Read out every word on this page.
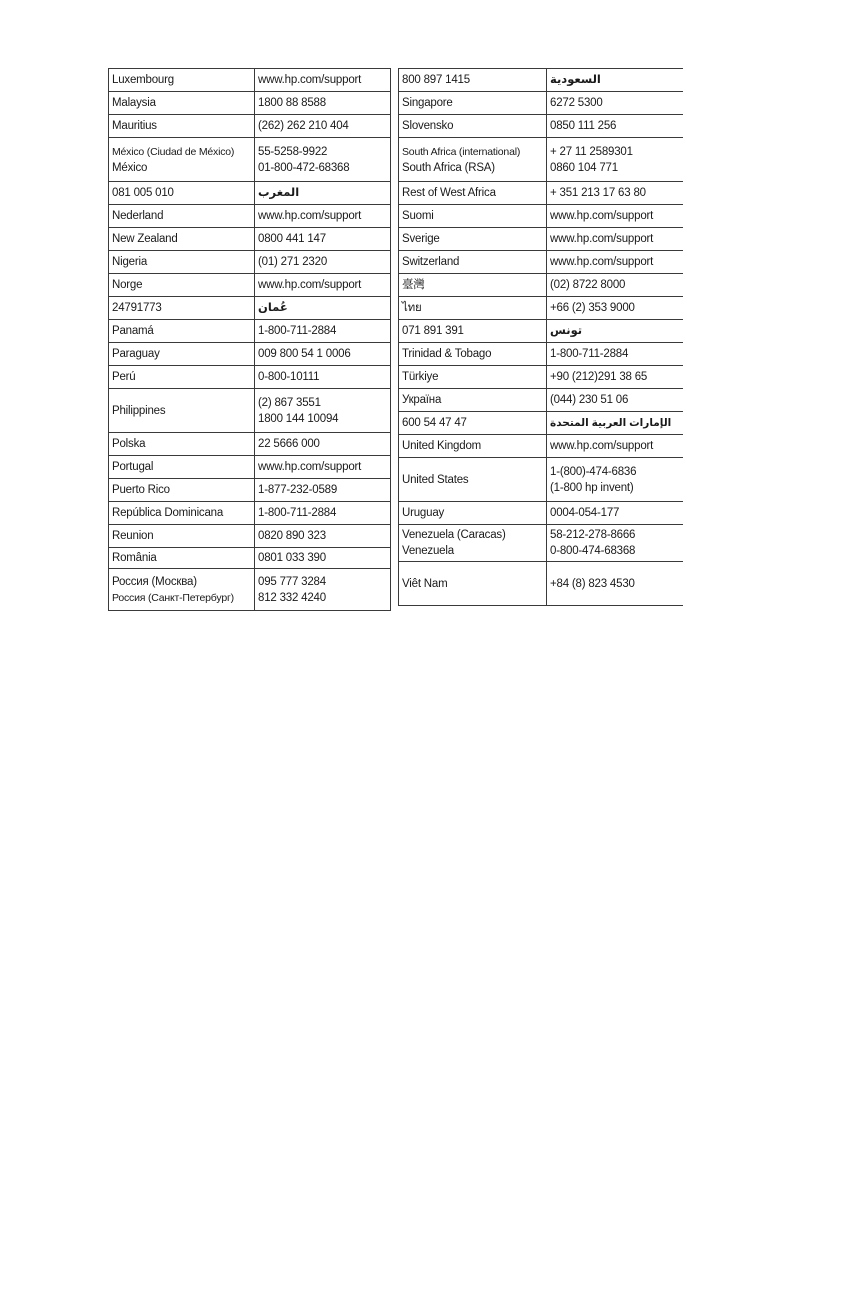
Luxembourg	www.hp.com/support

Malaysia	1800 88 8588

Mauritius	(262) 262 210 404

México (Ciudad de México)
México	55-5258-9922
01-800-472-68368

081 005 010	المغرب

Nederland	www.hp.com/support

New Zealand	0800 441 147

Nigeria	(01) 271 2320

Norge	www.hp.com/support

24791773	عُمان

Panamá	1-800-711-2884

Paraguay	009 800 54 1 0006

Perú	0-800-10111

Philippines	(2) 867 3551
1800 144 10094

Polska	22 5666 000

Portugal	www.hp.com/support

Puerto Rico	1-877-232-0589

República Dominicana	1-800-711-2884

Reunion	0820 890 323

România	0801 033 390

Россия (Москва)
Россия (Санкт-Петербург)	095 777 3284
812 332 4240
800 897 1415	السعودية

Singapore	6272 5300

Slovensko	0850 111 256

South Africa (international)
South Africa (RSA)	+ 27 11 2589301
0860 104 771

Rest of West Africa	+ 351 213 17 63 80

Suomi	www.hp.com/support

Sverige	www.hp.com/support

Switzerland	www.hp.com/support

臺灣	(02) 8722 8000

ไทย	+66 (2) 353 9000

071 891 391	تونس

Trinidad & Tobago	1-800-711-2884

Türkiye	+90 (212)291 38 65

Україна	(044) 230 51 06

600 54 47 47	الإمارات العربية المتحدة

United Kingdom	www.hp.com/support

United States	1-(800)-474-6836
(1-800 hp invent)

Uruguay	0004-054-177

Venezuela (Caracas)
Venezuela	58-212-278-8666
0-800-474-68368

Viêt Nam	+84 (8) 823 4530
